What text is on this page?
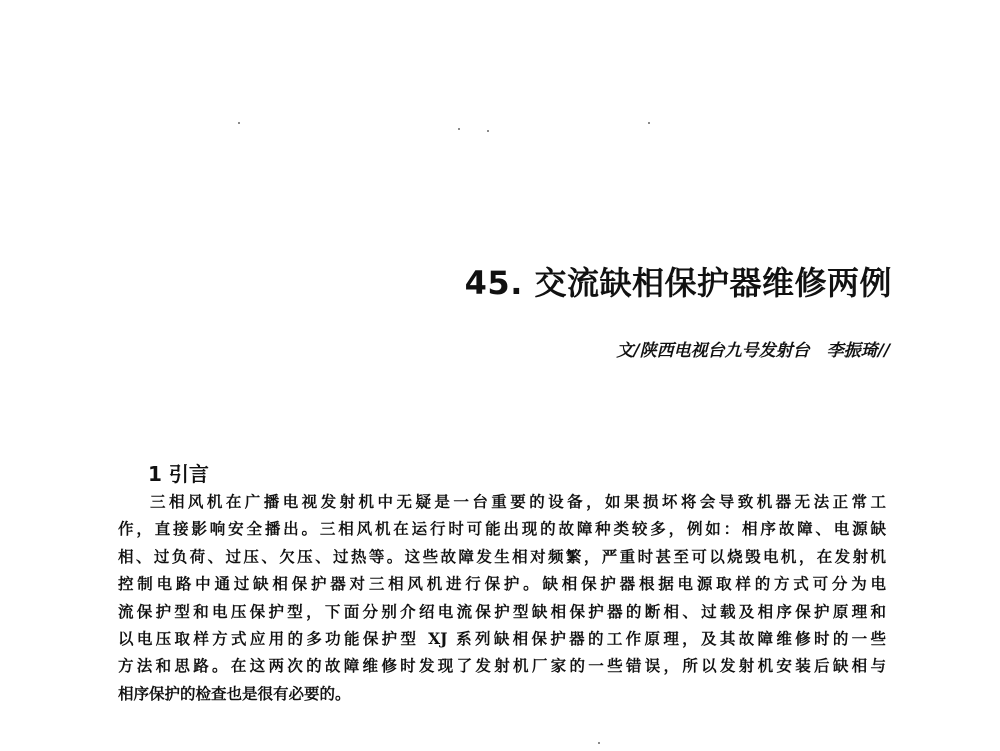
45. 交流缺相保护器维修两例
文/陕西电视台九号发射台　李振琦//
1 引言
三相风机在广播电视发射机中无疑是一台重要的设备，如果损坏将会导致机器无法正常工
作，直接影响安全播出。三相风机在运行时可能出现的故障种类较多，例如：相序故障、电源缺
相、过负荷、过压、欠压、过热等。这些故障发生相对频繁，严重时甚至可以烧毁电机，在发射机
控制电路中通过缺相保护器对三相风机进行保护。缺相保护器根据电源取样的方式可分为电
流保护型和电压保护型，下面分别介绍电流保护型缺相保护器的断相、过载及相序保护原理和
以电压取样方式应用的多功能保护型 XJ 系列缺相保护器的工作原理，及其故障维修时的一些
方法和思路。在这两次的故障维修时发现了发射机厂家的一些错误，所以发射机安装后缺相与
相序保护的检查也是很有必要的。
